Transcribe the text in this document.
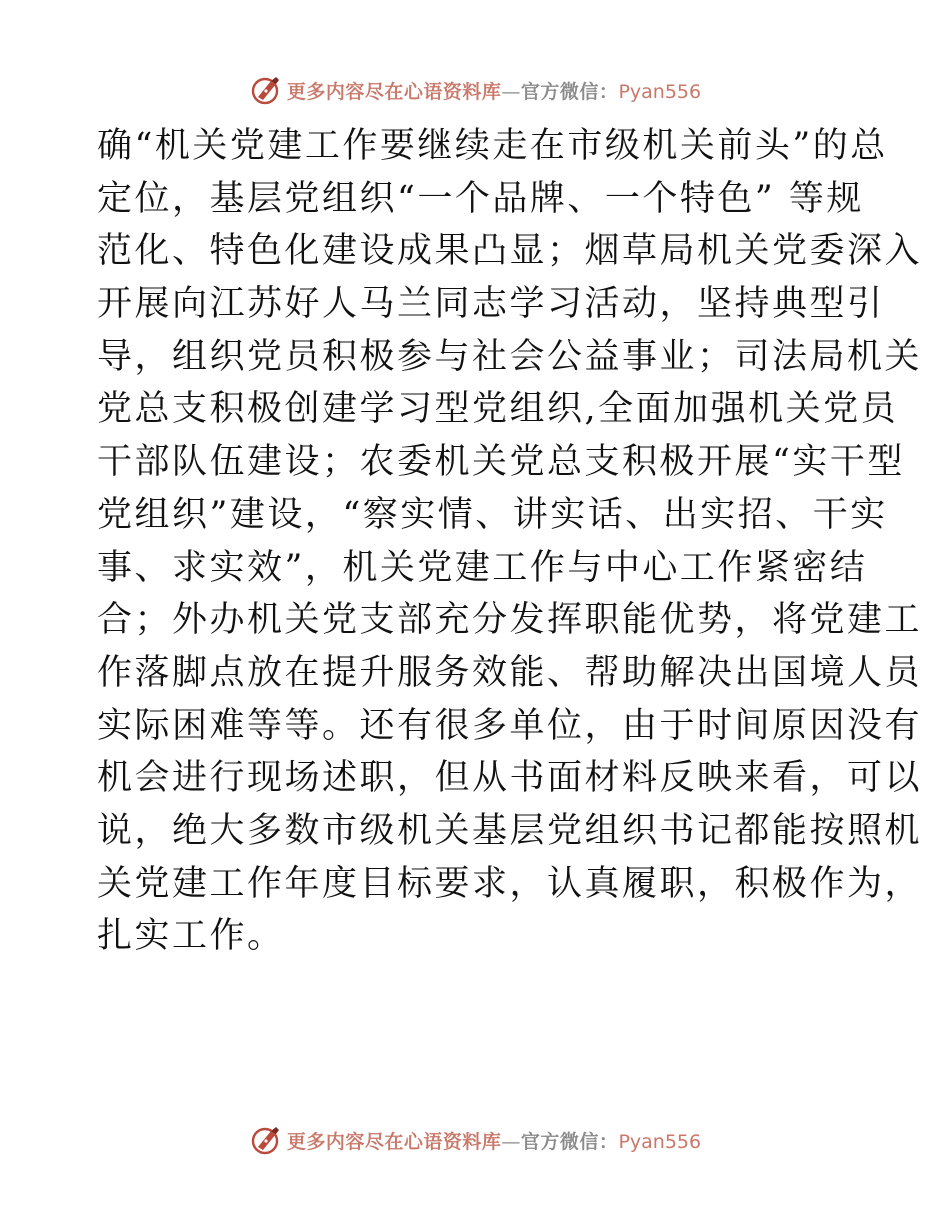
更多内容尽在心语资料库—官方微信：Pyan556
确“机关党建工作要继续走在市级机关前头”的总
定位，基层党组织“一个品牌、一个特色” 等规
范化、特色化建设成果凸显；烟草局机关党委深入
开展向江苏好人马兰同志学习活动，坚持典型引
导，组织党员积极参与社会公益事业；司法局机关
党总支积极创建学习型党组织,全面加强机关党员
干部队伍建设；农委机关党总支积极开展“实干型
党组织”建设，“察实情、讲实话、出实招、干实
事、求实效”，机关党建工作与中心工作紧密结
合；外办机关党支部充分发挥职能优势，将党建工
作落脚点放在提升服务效能、帮助解决出国境人员
实际困难等等。还有很多单位，由于时间原因没有
机会进行现场述职，但从书面材料反映来看，可以
说，绝大多数市级机关基层党组织书记都能按照机
关党建工作年度目标要求，认真履职，积极作为，
扎实工作。
更多内容尽在心语资料库—官方微信：Pyan556
